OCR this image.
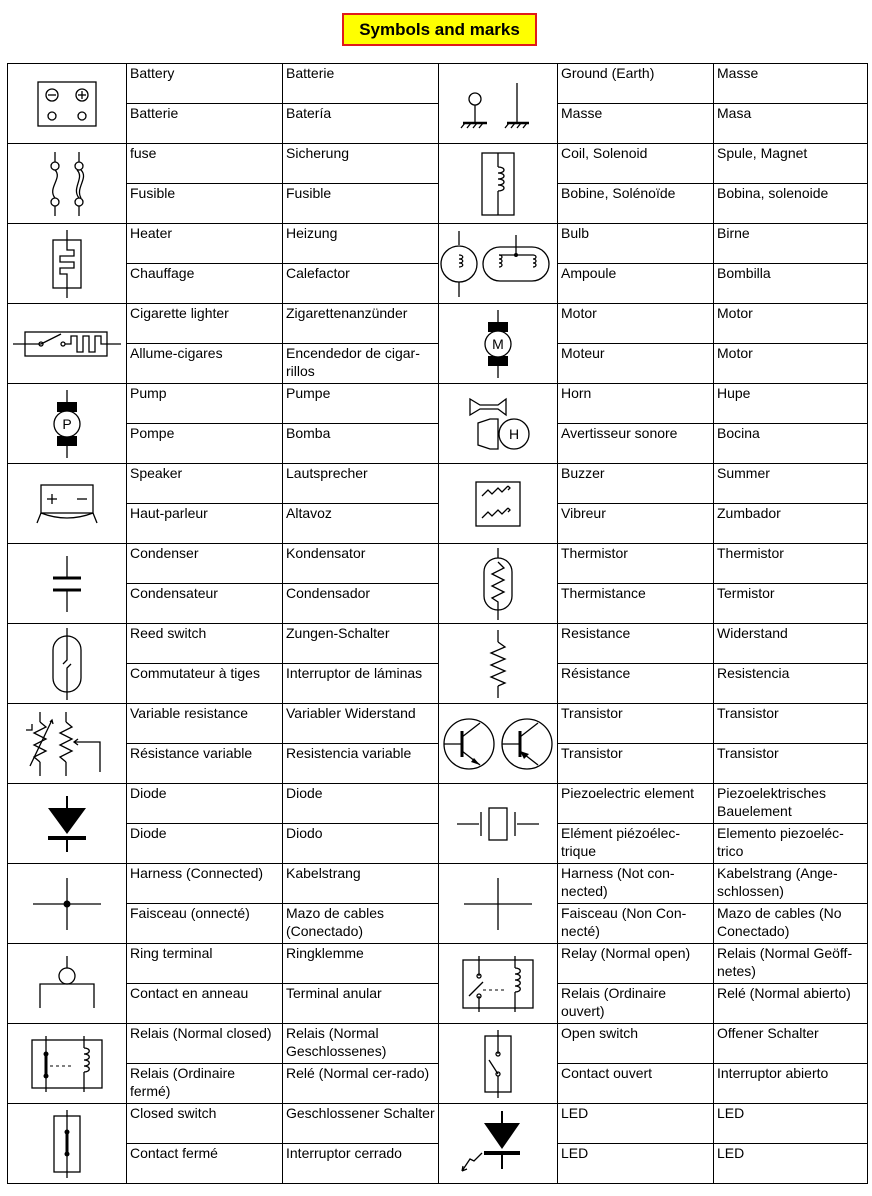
Symbols and marks
	Battery	Batterie		Ground (Earth)	Masse
	Batterie	Batería		Masse	Masa

	fuse	Sicherung		Coil, Solenoid	Spule, Magnet
	Fusible	Fusible		Bobine, Solénoïde	Bobina, solenoide

	Heater	Heizung		Bulb	Birne
	Chauffage	Calefactor		Ampoule	Bombilla

	Cigarette lighter	Zigarettenanzünder	M	Motor	Motor
	Allume-cigares	Encendedor de cigar-rillos		Moteur	Motor

P	Pump	Pumpe	H	Horn	Hupe
	Pompe	Bomba		Avertisseur sonore	Bocina

	Speaker	Lautsprecher		Buzzer	Summer
	Haut-parleur	Altavoz		Vibreur	Zumbador

	Condenser	Kondensator		Thermistor	Thermistor
	Condensateur	Condensador		Thermistance	Termistor

	Reed switch	Zungen-Schalter		Resistance	Widerstand
	Commutateur à tiges	Interruptor de láminas		Résistance	Resistencia

	Variable resistance	Variabler Widerstand		Transistor	Transistor
	Résistance variable	Resistencia variable		Transistor	Transistor

	Diode	Diode		Piezoelectric element	Piezoelektrisches Bauelement
	Diode	Diodo		Elément piézoélec-trique	Elemento piezoeléc-trico

	Harness (Connected)	Kabelstrang		Harness (Not con-nected)	Kabelstrang (Ange-schlossen)
	Faisceau (onnecté)	Mazo de cables (Conectado)		Faisceau (Non Con-necté)	Mazo de cables (No Conectado)

	Ring terminal	Ringklemme		Relay (Normal open)	Relais (Normal Geöff-netes)
	Contact en anneau	Terminal anular		Relais (Ordinaire ouvert)	Relé (Normal abierto)

	Relais (Normal closed)	Relais (Normal Geschlossenes)		Open switch	Offener Schalter
	Relais (Ordinaire fermé)	Relé (Normal cer-rado)		Contact ouvert	Interruptor abierto

	Closed switch	Geschlossener Schalter		LED	LED
	Contact fermé	Interruptor cerrado		LED	LED
